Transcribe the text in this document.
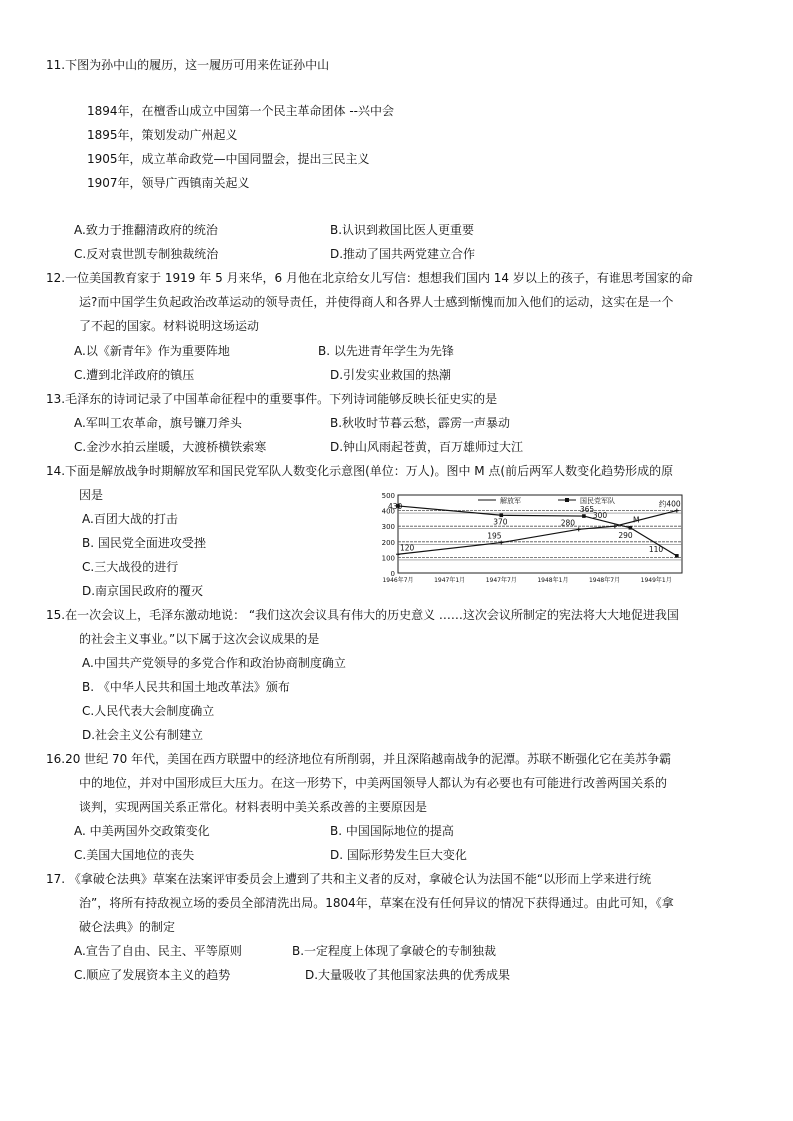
11.下图为孙中山的履历，这一履历可用来佐证孙中山
1894年，在檀香山成立中国第一个民主革命团体 --兴中会
1895年，策划发动广州起义
1905年，成立革命政党—中国同盟会，提出三民主义
1907年，领导广西镇南关起义
A.致力于推翻清政府的统治	B.认识到救国比医人更重要
C.反对袁世凯专制独裁统治	D.推动了国共两党建立合作
12.一位美国教育家于 1919 年 5 月来华，6 月他在北京给女儿写信：想想我们国内 14 岁以上的孩子，有谁思考国家的命
运?而中国学生负起政治改革运动的领导责任，并使得商人和各界人士感到惭愧而加入他们的运动，这实在是一个
了不起的国家。材料说明这场运动
A.以《新青年》作为重要阵地	B. 以先进青年学生为先锋
C.遭到北洋政府的镇压	D.引发实业救国的热潮
13.毛泽东的诗词记录了中国革命征程中的重要事件。下列诗词能够反映长征史实的是
A.军叫工农革命，旗号镰刀斧头	B.秋收时节暮云愁，霹雳一声暴动
C.金沙水拍云崖暖，大渡桥横铁索寒	D.钟山风雨起苍黄，百万雄师过大江
14.下面是解放战争时期解放军和国民党军队人数变化示意图(单位：万人)。图中 M 点(前后两军人数变化趋势形成的原
因是
A.百团大战的打击
B. 国民党全面进攻受挫
C.三大战役的进行
D.南京国民政府的覆灭
0
100
200
300
400
500
1946年7月	1947年1月	1947年7月	1948年1月	1948年7月	1949年1月
120
195
280
300
约400
430
370
365
290
110
解放军	国民党军队
M
15.在一次会议上，毛泽东激动地说： “我们这次会议具有伟大的历史意义 ……这次会议所制定的宪法将大大地促进我国
的社会主义事业。”以下属于这次会议成果的是
A.中国共产党领导的多党合作和政治协商制度确立
B. 《中华人民共和国土地改革法》颁布
C.人民代表大会制度确立
D.社会主义公有制建立
16.20 世纪 70 年代，美国在西方联盟中的经济地位有所削弱，并且深陷越南战争的泥潭。苏联不断强化它在美苏争霸
中的地位，并对中国形成巨大压力。在这一形势下，中美两国领导人都认为有必要也有可能进行改善两国关系的
谈判，实现两国关系正常化。材料表明中美关系改善的主要原因是
A. 中美两国外交政策变化	B. 中国国际地位的提高
C.美国大国地位的丧失	D. 国际形势发生巨大变化
17. 《拿破仑法典》草案在法案评审委员会上遭到了共和主义者的反对，拿破仑认为法国不能“以形而上学来进行统
治”，将所有持敌视立场的委员全部清洗出局。1804年，草案在没有任何异议的情况下获得通过。由此可知，《拿
破仑法典》的制定
A.宣告了自由、民主、平等原则	B.一定程度上体现了拿破仑的专制独裁
C.顺应了发展资本主义的趋势	D.大量吸收了其他国家法典的优秀成果
